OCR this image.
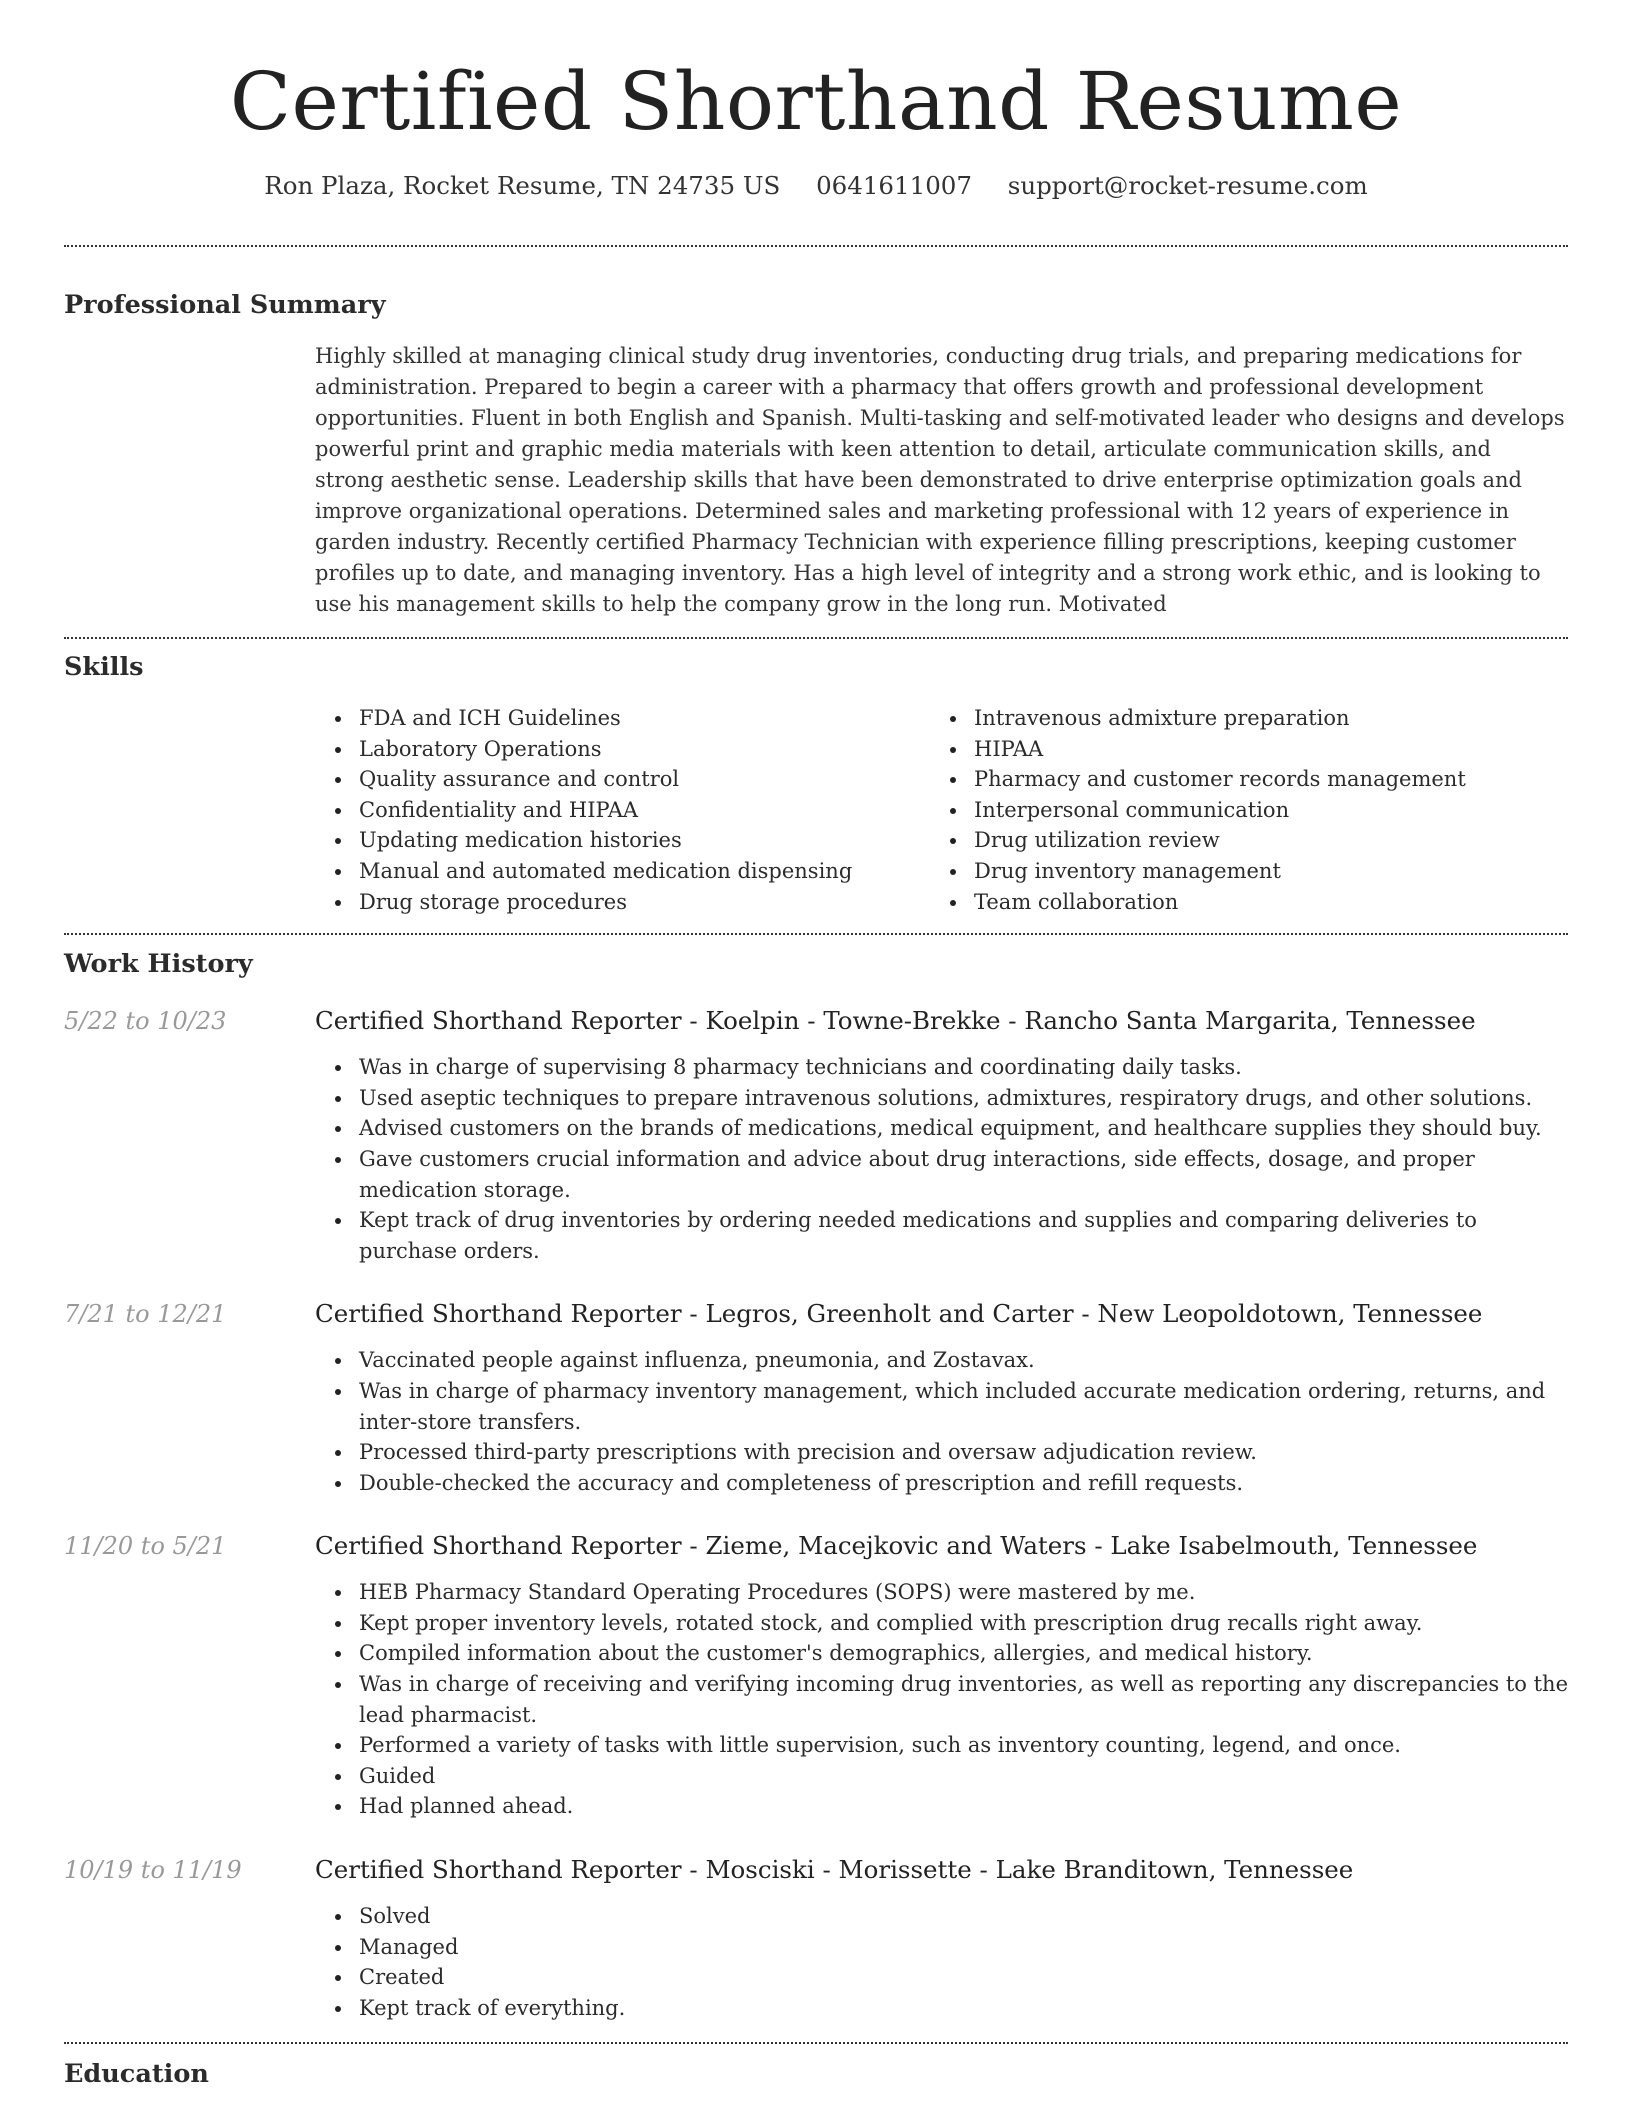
Certified Shorthand Resume
Ron Plaza, Rocket Resume, TN 24735 US 0641611007 support@rocket-resume.com
Professional Summary

Highly skilled at managing clinical study drug inventories, conducting drug trials, and preparing medications for administration. Prepared to begin a career with a pharmacy that offers growth and professional development opportunities. Fluent in both English and Spanish. Multi-tasking and self-motivated leader who designs and develops powerful print and graphic media materials with keen attention to detail, articulate communication skills, and strong aesthetic sense. Leadership skills that have been demonstrated to drive enterprise optimization goals and improve organizational operations. Determined sales and marketing professional with 12 years of experience in garden industry. Recently certified Pharmacy Technician with experience filling prescriptions, keeping customer profiles up to date, and managing inventory. Has a high level of integrity and a strong work ethic, and is looking to use his management skills to help the company grow in the long run. Motivated

Skills
FDA and ICH Guidelines
Laboratory Operations
Quality assurance and control
Confidentiality and HIPAA
Updating medication histories
Manual and automated medication dispensing
Drug storage procedures
Intravenous admixture preparation
HIPAA
Pharmacy and customer records management
Interpersonal communication
Drug utilization review
Drug inventory management
Team collaboration
Work History
5/22 to 10/23	Certified Shorthand Reporter - Koelpin - Towne-Brekke - Rancho Santa Margarita, Tennessee
Was in charge of supervising 8 pharmacy technicians and coordinating daily tasks.
Used aseptic techniques to prepare intravenous solutions, admixtures, respiratory drugs, and other solutions.
Advised customers on the brands of medications, medical equipment, and healthcare supplies they should buy.
Gave customers crucial information and advice about drug interactions, side effects, dosage, and proper medication storage.
Kept track of drug inventories by ordering needed medications and supplies and comparing deliveries to purchase orders.
7/21 to 12/21	Certified Shorthand Reporter - Legros, Greenholt and Carter - New Leopoldotown, Tennessee
Vaccinated people against influenza, pneumonia, and Zostavax.
Was in charge of pharmacy inventory management, which included accurate medication ordering, returns, and inter-store transfers.
Processed third-party prescriptions with precision and oversaw adjudication review.
Double-checked the accuracy and completeness of prescription and refill requests.
11/20 to 5/21	Certified Shorthand Reporter - Zieme, Macejkovic and Waters - Lake Isabelmouth, Tennessee
HEB Pharmacy Standard Operating Procedures (SOPS) were mastered by me.
Kept proper inventory levels, rotated stock, and complied with prescription drug recalls right away.
Compiled information about the customer's demographics, allergies, and medical history.
Was in charge of receiving and verifying incoming drug inventories, as well as reporting any discrepancies to the lead pharmacist.
Performed a variety of tasks with little supervision, such as inventory counting, legend, and once.
Guided
Had planned ahead.
10/19 to 11/19	Certified Shorthand Reporter - Mosciski - Morissette - Lake Branditown, Tennessee
Solved
Managed
Created
Kept track of everything.
Education
